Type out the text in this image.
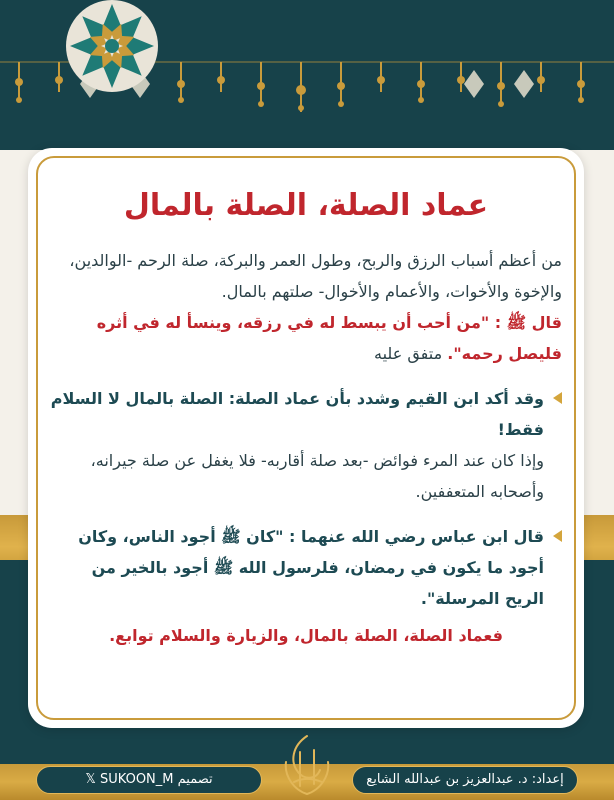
عماد الصلة، الصلة بالمال

من أعظم أسباب الرزق والربح، وطول العمر والبركة، صلة الرحم -الوالدين، والإخوة والأخوات، والأعمام والأخوال- صلتهم بالمال.

قال ﷺ : "من أحب أن يبسط له في رزقه، وينسأ له في أثره فليصل رحمه". متفق عليه

وقد أكد ابن القيم وشدد بأن عماد الصلة: الصلة بالمال لا السلام فقط!

وإذا كان عند المرء فوائض -بعد صلة أقاربه- فلا يغفل عن صلة جيرانه، وأصحابه المتعففين.

قال ابن عباس رضي الله عنهما : "كان ﷺ أجود الناس، وكان أجود ما يكون في رمضان، فلرسول الله ﷺ أجود بالخير من الريح المرسلة".

فعماد الصلة، الصلة بالمال، والزيارة والسلام توابع.

إعداد: د. عبدالعزيز بن عبدالله الشايع
𝕏 SUKOON_M تصميم
